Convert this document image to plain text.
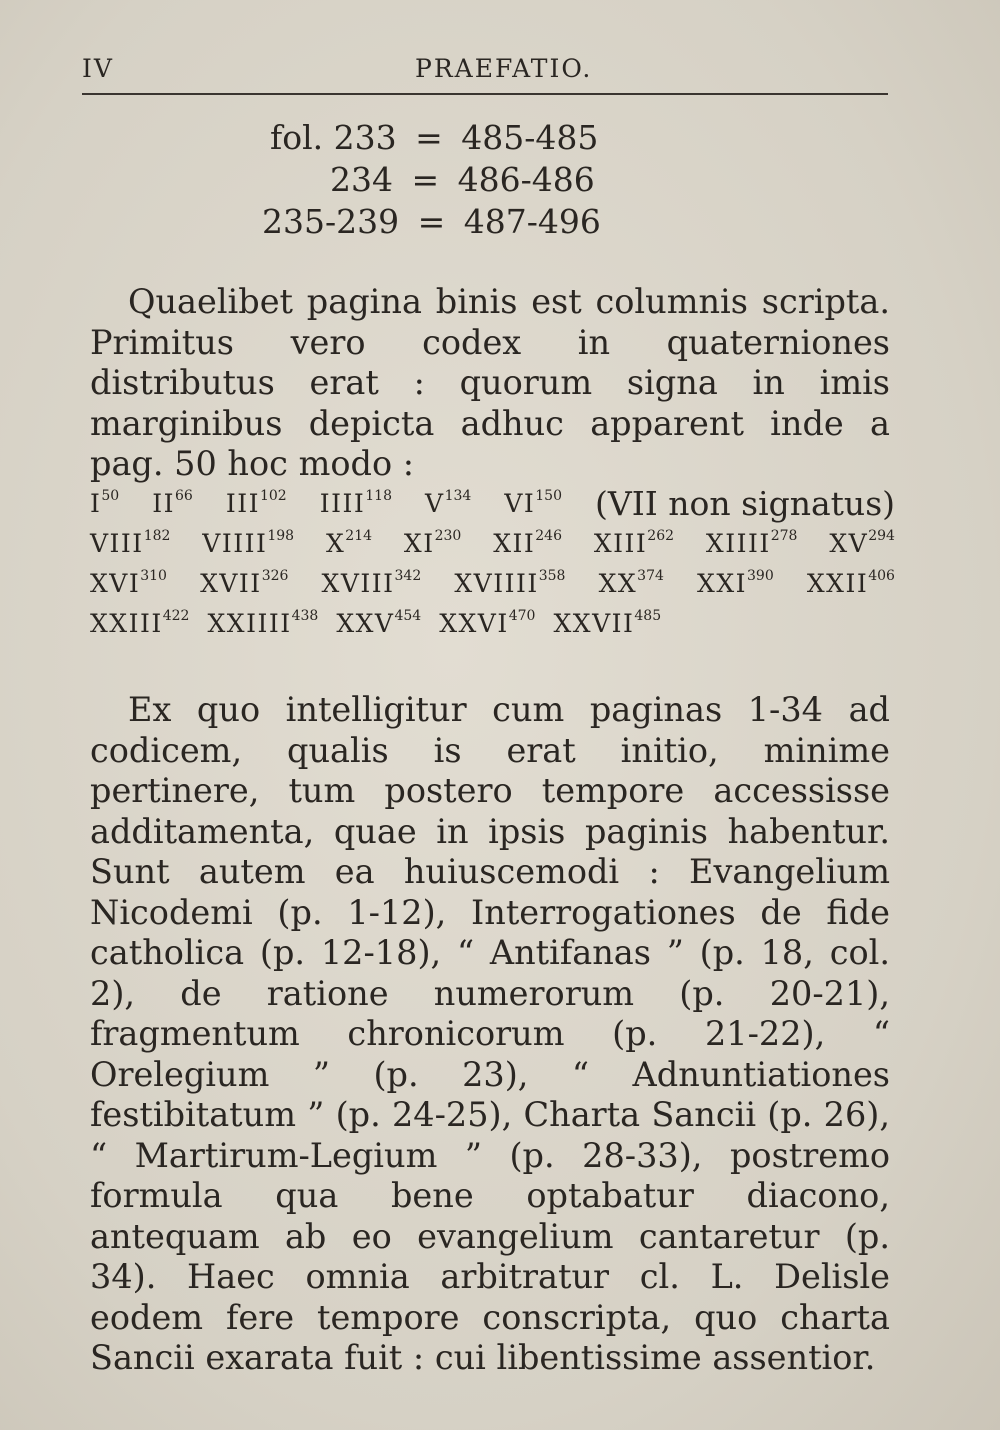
IV	PRAEFATIO.
fol. 233 = 485-485
234 = 486-486
235-239 = 487-496

Quaelibet pagina binis est columnis scripta. Primitus vero codex in quaterniones distributus erat : quorum signa in imis marginibus depicta adhuc apparent inde a pag. 50 hoc modo :

$I^{50}$ II$^{66}$ III$^{102}$ IIII$^{118}$ $V^{134}$ VI$^{150}$ (VII non signatus)
VIII$^{182}$ VIIII$^{198}$ $X^{214}$ XI$^{230}$ XII$^{246}$ XIII$^{262}$ XIIII$^{278}$ XV$^{294}$
XVI$^{310}$ XVII$^{326}$ XVIII$^{342}$ XVIIII$^{358}$ XX$^{374}$ XXI$^{390}$ XXII$^{406}$
XXIII$^{422}$ XXIIII$^{438}$ XXV$^{454}$ XXVI$^{470}$ XXVII$^{485}$

Ex quo intelligitur cum paginas 1-34 ad codicem, qualis is erat initio, minime pertinere, tum postero tempore accessisse additamenta, quae in ipsis paginis habentur. Sunt autem ea huiuscemodi : Evangelium Nicodemi (p. 1-12), Interrogationes de fide catholica (p. 12-18), “ Antifanas ” (p. 18, col. 2), de ratione numerorum (p. 20-21), fragmentum chronicorum (p. 21-22), “ Orelegium ” (p. 23), “ Adnuntiationes festibitatum ” (p. 24-25), Charta Sancii (p. 26), “ Martirum-Legium ” (p. 28-33), postremo formula qua bene optabatur diacono, antequam ab eo evangelium cantaretur (p. 34). Haec omnia arbitratur cl. L. Delisle eodem fere tempore conscripta, quo charta Sancii exarata fuit : cui libentissime assentior.
